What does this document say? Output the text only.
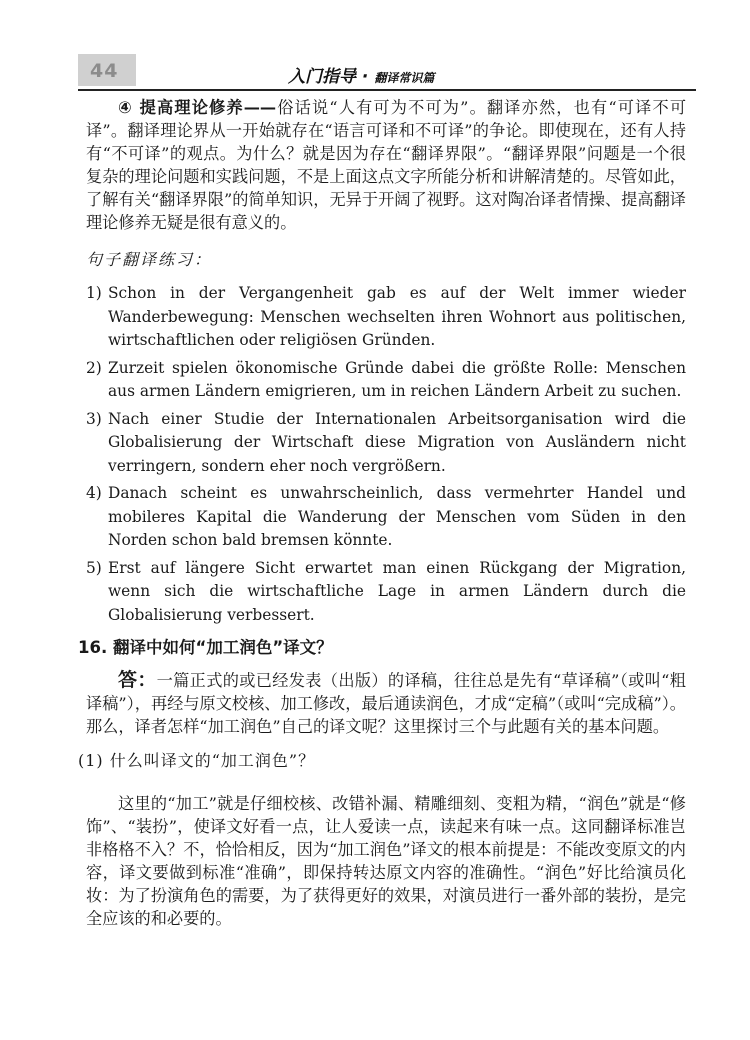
44	入门指导 · 翻译常识篇

④ 提高理论修养——俗话说“人有可为不可为”。翻译亦然，也有“可译不可译”。翻译理论界从一开始就存在“语言可译和不可译”的争论。即使现在，还有人持有“不可译”的观点。为什么？就是因为存在“翻译界限”。“翻译界限”问题是一个很复杂的理论问题和实践问题，不是上面这点文字所能分析和讲解清楚的。尽管如此，了解有关“翻译界限”的简单知识，无异于开阔了视野。这对陶冶译者情操、提高翻译理论修养无疑是很有意义的。

句子翻译练习：

1) Schon in der Vergangenheit gab es auf der Welt immer wieder Wanderbewegung: Menschen wechselten ihren Wohnort aus politischen, wirtschaftlichen oder religiösen Gründen.
2) Zurzeit spielen ökonomische Gründe dabei die größte Rolle: Menschen aus armen Ländern emigrieren, um in reichen Ländern Arbeit zu suchen.
3) Nach einer Studie der Internationalen Arbeitsorganisation wird die Globalisierung der Wirtschaft diese Migration von Ausländern nicht verringern, sondern eher noch vergrößern.
4) Danach scheint es unwahrscheinlich, dass vermehrter Handel und mobileres Kapital die Wanderung der Menschen vom Süden in den Norden schon bald bremsen könnte.
5) Erst auf längere Sicht erwartet man einen Rückgang der Migration, wenn sich die wirtschaftliche Lage in armen Ländern durch die Globalisierung verbessert.

16. 翻译中如何“加工润色”译文？

答：一篇正式的或已经发表（出版）的译稿，往往总是先有“草译稿”（或叫“粗译稿”），再经与原文校核、加工修改，最后通读润色，才成“定稿”（或叫“完成稿”）。那么，译者怎样“加工润色”自己的译文呢？这里探讨三个与此题有关的基本问题。

(1) 什么叫译文的“加工润色”？

这里的“加工”就是仔细校核、改错补漏、精雕细刻、变粗为精，“润色”就是“修饰”、“装扮”，使译文好看一点，让人爱读一点，读起来有味一点。这同翻译标准岂非格格不入？不，恰恰相反，因为“加工润色”译文的根本前提是：不能改变原文的内容，译文要做到标准“准确”，即保持转达原文内容的准确性。“润色”好比给演员化妆：为了扮演角色的需要，为了获得更好的效果，对演员进行一番外部的装扮，是完全应该的和必要的。
